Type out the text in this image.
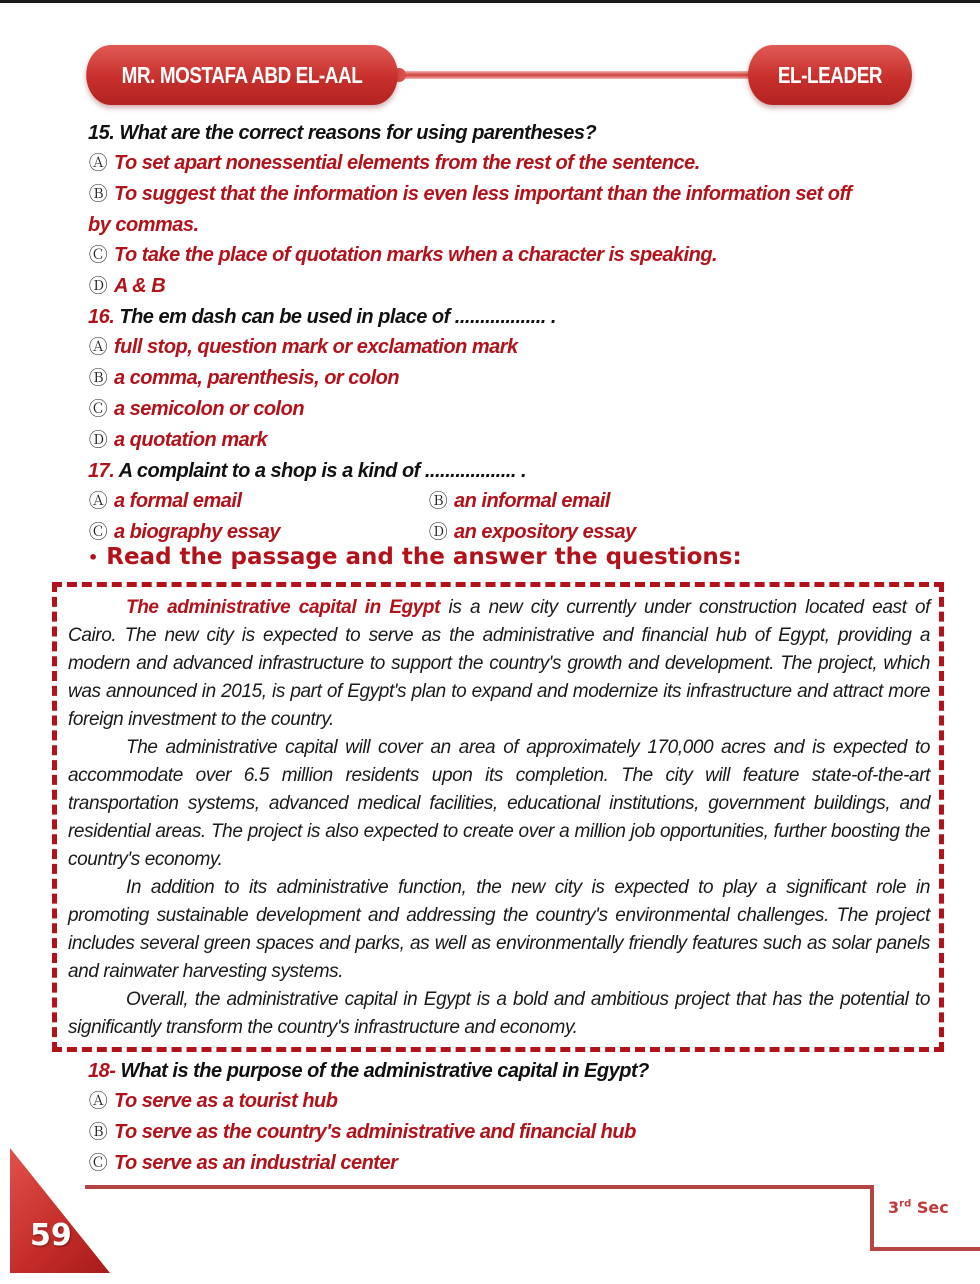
MR. MOSTAFA ABD EL-AAL	EL-LEADER
15. What are the correct reasons for using parentheses?
Ⓐ To set apart nonessential elements from the rest of the sentence.
Ⓑ To suggest that the information is even less important than the information set off
by commas.
Ⓒ To take the place of quotation marks when a character is speaking.
Ⓓ A & B
16. The em dash can be used in place of .................. .
Ⓐ full stop, question mark or exclamation mark
Ⓑ a comma, parenthesis, or colon
Ⓒ a semicolon or colon
Ⓓ a quotation mark
17. A complaint to a shop is a kind of .................. .
Ⓐ a formal email	Ⓑ an informal email
Ⓒ a biography essay	Ⓓ an expository essay
• Read the passage and the answer the questions:

The administrative capital in Egypt is a new city currently under construction located east of Cairo. The new city is expected to serve as the administrative and financial hub of Egypt, providing a modern and advanced infrastructure to support the country's growth and development. The project, which was announced in 2015, is part of Egypt's plan to expand and modernize its infrastructure and attract more foreign investment to the country.

The administrative capital will cover an area of approximately 170,000 acres and is expected to accommodate over 6.5 million residents upon its completion. The city will feature state-of-the-art transportation systems, advanced medical facilities, educational institutions, government buildings, and residential areas. The project is also expected to create over a million job opportunities, further boosting the country's economy.

In addition to its administrative function, the new city is expected to play a significant role in promoting sustainable development and addressing the country's environmental challenges. The project includes several green spaces and parks, as well as environmentally friendly features such as solar panels and rainwater harvesting systems.

Overall, the administrative capital in Egypt is a bold and ambitious project that has the potential to significantly transform the country's infrastructure and economy.

18- What is the purpose of the administrative capital in Egypt?
Ⓐ To serve as a tourist hub
Ⓑ To serve as the country's administrative and financial hub
Ⓒ To serve as an industrial center
59
3rd Sec
